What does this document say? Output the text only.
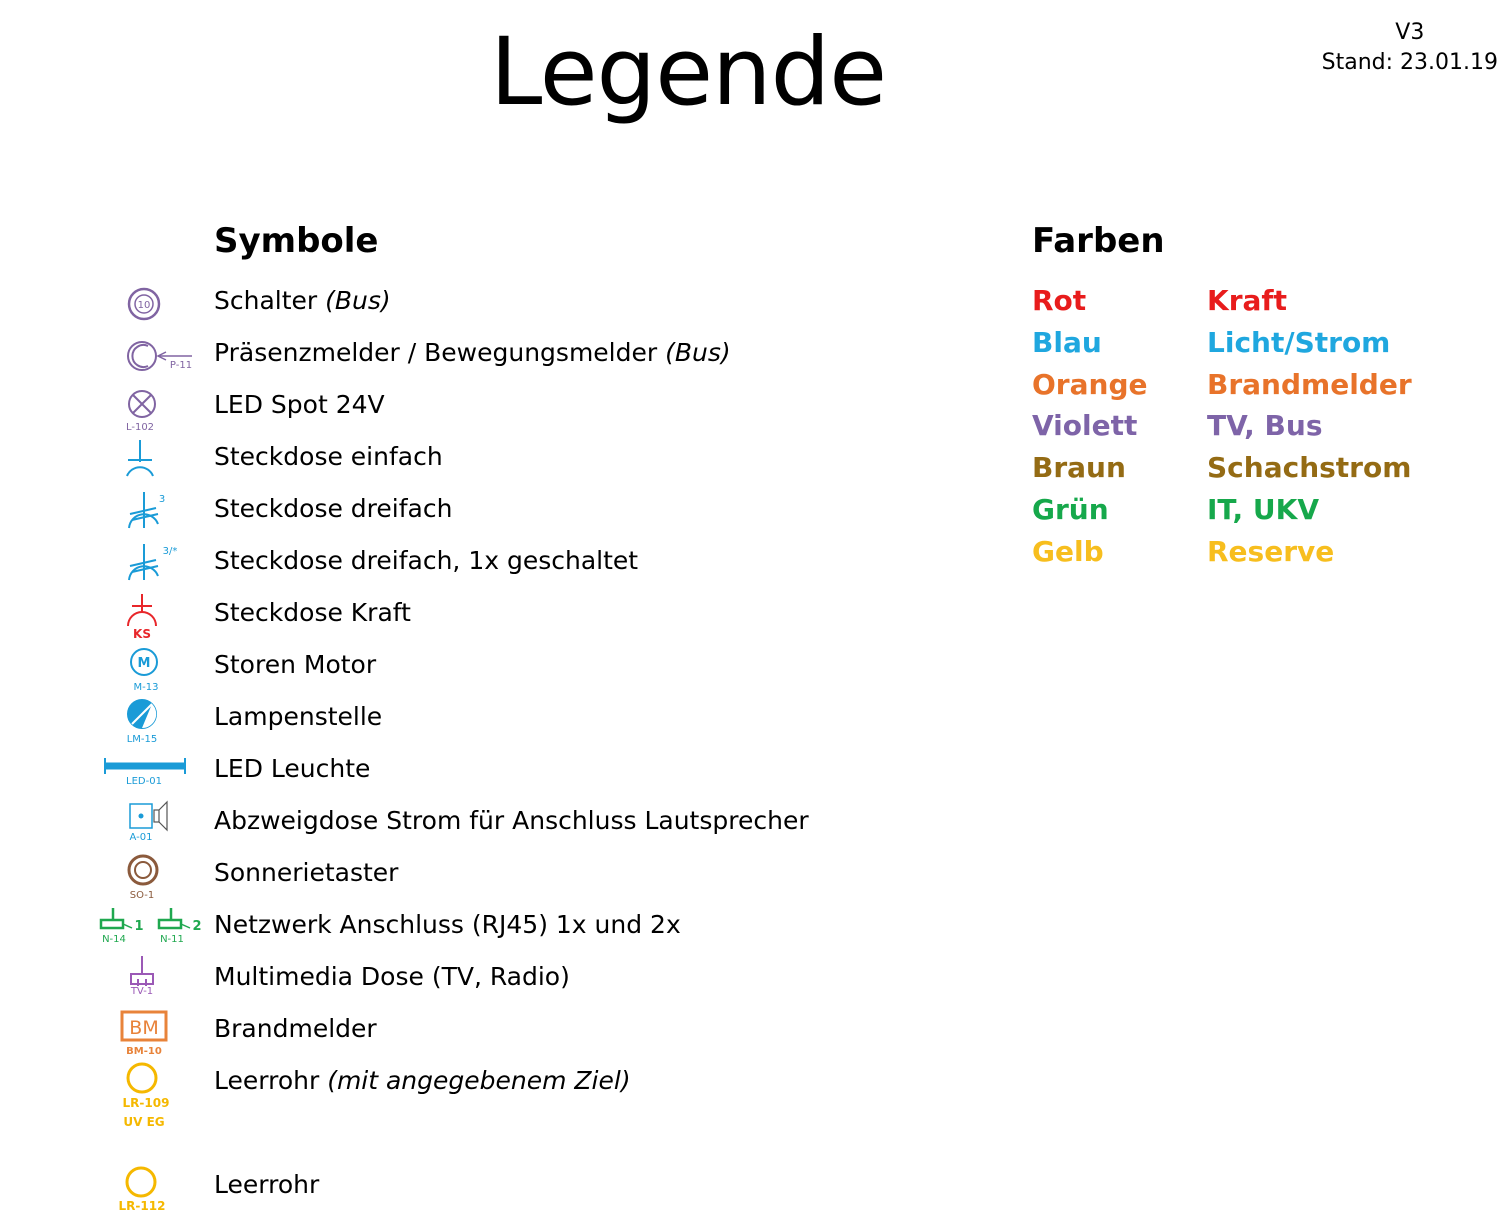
Legende	V3
Stand: 23.01.19
Symbole	Farben
10	Schalter (Bus)
P-11 Präsenzmelder / Bewegungsmelder (Bus)
L-102
LED Spot 24V
Steckdose einfach
3 Steckdose dreifach
3/* Steckdose dreifach, 1x geschaltet
KS
Steckdose Kraft
M
M-13
Storen Motor
LM-15
Lampenstelle
LED-01 LED Leuchte
A-01
Abzweigdose Strom für Anschluss Lautsprecher
SO-1
Sonnerietaster
1	2
N-14	N-11
Netzwerk Anschluss (RJ45) 1x und 2x
TV-1
Multimedia Dose (TV, Radio)
BM
BM-10
Brandmelder
LR-109
UV EG
Leerrohr (mit angegebenem Ziel)
LR-112
Leerrohr
Rot	Kraft
Blau	Licht/Strom
Orange Brandmelder
Violett TV, Bus
Braun	Schachstrom
Grün	IT, UKV
Gelb	Reserve
